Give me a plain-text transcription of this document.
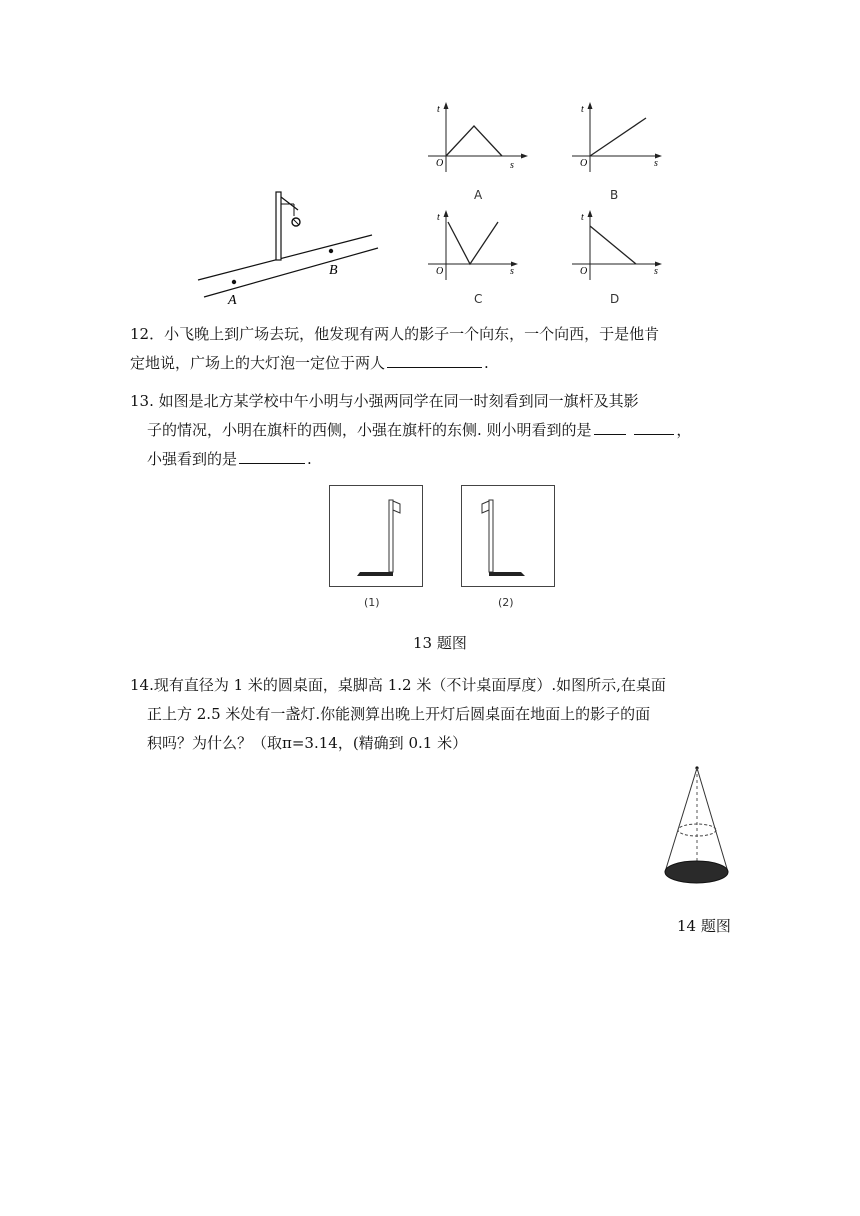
A
B
t
s
O
A
t
s
O
B
t
s
O
C
t
s
O
D
12．小飞晚上到广场去玩，他发现有两人的影子一个向东，一个向西，于是他肯
定地说，广场上的大灯泡一定位于两人	.
13. 如图是北方某学校中午小明与小强两同学在同一时刻看到同一旗杆及其影
子的情况，小明在旗杆的西侧，小强在旗杆的东侧. 则小明看到的是	，
小强看到的是	.
(1)	(2)
13 题图
14.现有直径为 1 米的圆桌面，桌脚高 1.2 米（不计桌面厚度）.如图所示,在桌面
正上方 2.5 米处有一盏灯.你能测算出晚上开灯后圆桌面在地面上的影子的面
积吗？为什么？（取π=3.14，(精确到 0.1 米）
14 题图
